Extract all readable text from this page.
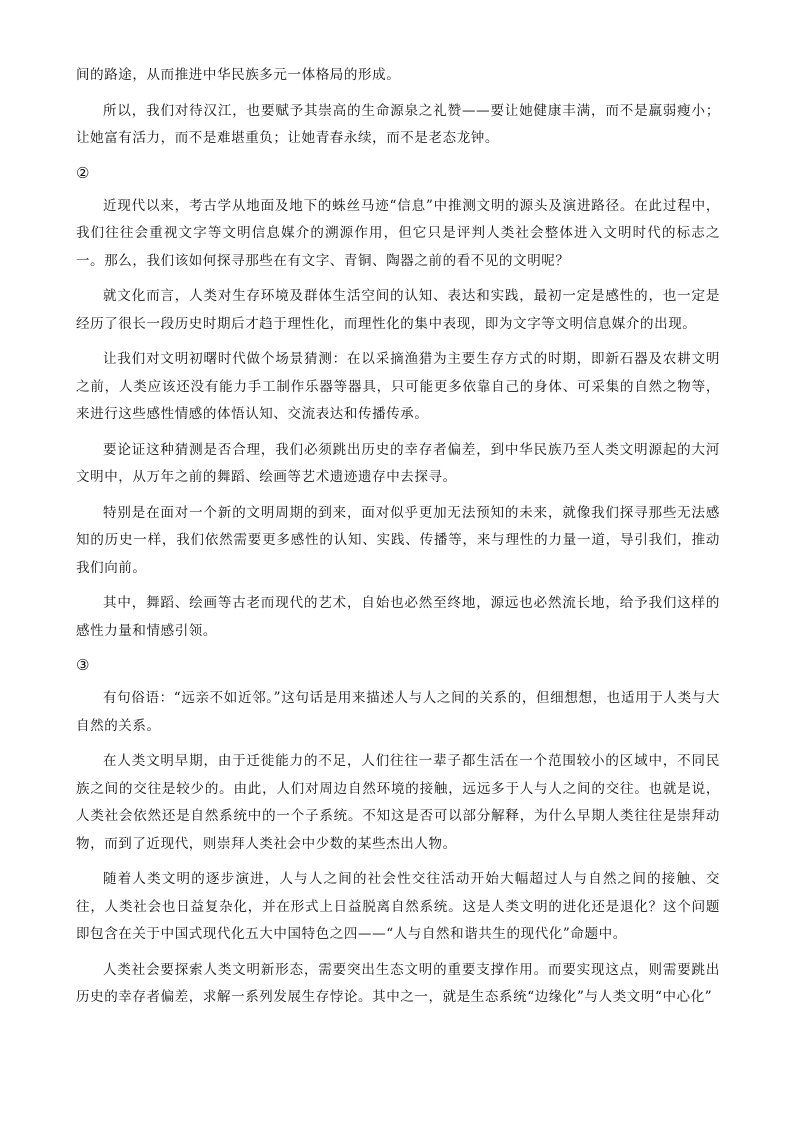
间的路途，从而推进中华民族多元一体格局的形成。

所以，我们对待汉江，也要赋予其崇高的生命源泉之礼赞——要让她健康丰满，而不是羸弱瘦小；让她富有活力，而不是难堪重负；让她青春永续，而不是老态龙钟。

②

近现代以来，考古学从地面及地下的蛛丝马迹“信息”中推测文明的源头及演进路径。在此过程中，我们往往会重视文字等文明信息媒介的溯源作用，但它只是评判人类社会整体进入文明时代的标志之一。那么，我们该如何探寻那些在有文字、青铜、陶器之前的看不见的文明呢？

就文化而言，人类对生存环境及群体生活空间的认知、表达和实践，最初一定是感性的，也一定是经历了很长一段历史时期后才趋于理性化，而理性化的集中表现，即为文字等文明信息媒介的出现。

让我们对文明初曙时代做个场景猜测：在以采摘渔猎为主要生存方式的时期，即新石器及农耕文明之前，人类应该还没有能力手工制作乐器等器具，只可能更多依靠自己的身体、可采集的自然之物等，来进行这些感性情感的体悟认知、交流表达和传播传承。

要论证这种猜测是否合理，我们必须跳出历史的幸存者偏差，到中华民族乃至人类文明源起的大河文明中，从万年之前的舞蹈、绘画等艺术遗迹遗存中去探寻。

特别是在面对一个新的文明周期的到来，面对似乎更加无法预知的未来，就像我们探寻那些无法感知的历史一样，我们依然需要更多感性的认知、实践、传播等，来与理性的力量一道，导引我们，推动我们向前。

其中，舞蹈、绘画等古老而现代的艺术，自始也必然至终地，源远也必然流长地，给予我们这样的感性力量和情感引领。

③

有句俗语：“远亲不如近邻。”这句话是用来描述人与人之间的关系的，但细想想，也适用于人类与大自然的关系。

在人类文明早期，由于迁徙能力的不足，人们往往一辈子都生活在一个范围较小的区域中，不同民族之间的交往是较少的。由此，人们对周边自然环境的接触，远远多于人与人之间的交往。也就是说，人类社会依然还是自然系统中的一个子系统。不知这是否可以部分解释，为什么早期人类往往是崇拜动物，而到了近现代，则崇拜人类社会中少数的某些杰出人物。

随着人类文明的逐步演进，人与人之间的社会性交往活动开始大幅超过人与自然之间的接触、交往，人类社会也日益复杂化，并在形式上日益脱离自然系统。这是人类文明的进化还是退化？这个问题即包含在关于中国式现代化五大中国特色之四——“人与自然和谐共生的现代化”命题中。

人类社会要探索人类文明新形态，需要突出生态文明的重要支撑作用。而要实现这点，则需要跳出历史的幸存者偏差，求解一系列发展生存悖论。其中之一，就是生态系统“边缘化”与人类文明“中心化”
